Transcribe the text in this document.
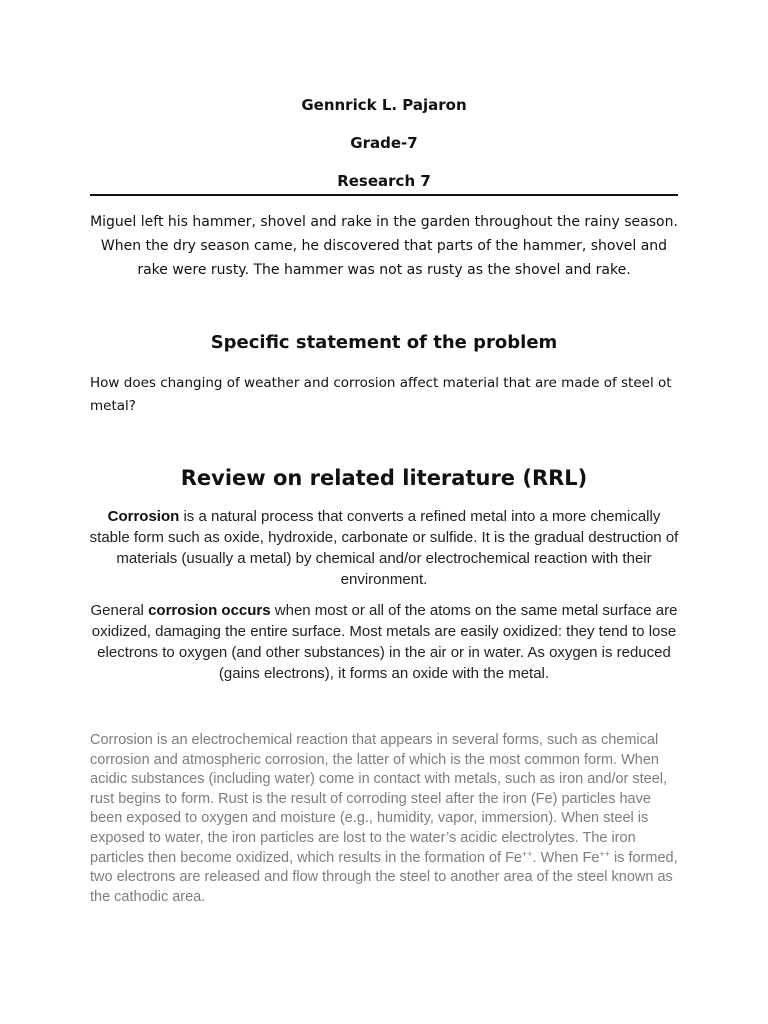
Gennrick L. Pajaron
Grade-7
Research 7
Miguel left his hammer, shovel and rake in the garden throughout the rainy season. When the dry season came, he discovered that parts of the hammer, shovel and rake were rusty. The hammer was not as rusty as the shovel and rake.
Specific statement of the problem
How does changing of weather and corrosion affect material that are made of steel ot metal?
Review on related literature (RRL)

Corrosion is a natural process that converts a refined metal into a more chemically stable form such as oxide, hydroxide, carbonate or sulfide. It is the gradual destruction of materials (usually a metal) by chemical and/or electrochemical reaction with their environment.

General corrosion occurs when most or all of the atoms on the same metal surface are oxidized, damaging the entire surface. Most metals are easily oxidized: they tend to lose electrons to oxygen (and other substances) in the air or in water. As oxygen is reduced (gains electrons), it forms an oxide with the metal.

Corrosion is an electrochemical reaction that appears in several forms, such as chemical corrosion and atmospheric corrosion, the latter of which is the most common form. When acidic substances (including water) come in contact with metals, such as iron and/or steel, rust begins to form. Rust is the result of corroding steel after the iron (Fe) particles have been exposed to oxygen and moisture (e.g., humidity, vapor, immersion). When steel is exposed to water, the iron particles are lost to the water’s acidic electrolytes. The iron particles then become oxidized, which results in the formation of Fe++. When Fe++ is formed, two electrons are released and flow through the steel to another area of the steel known as the cathodic area.
